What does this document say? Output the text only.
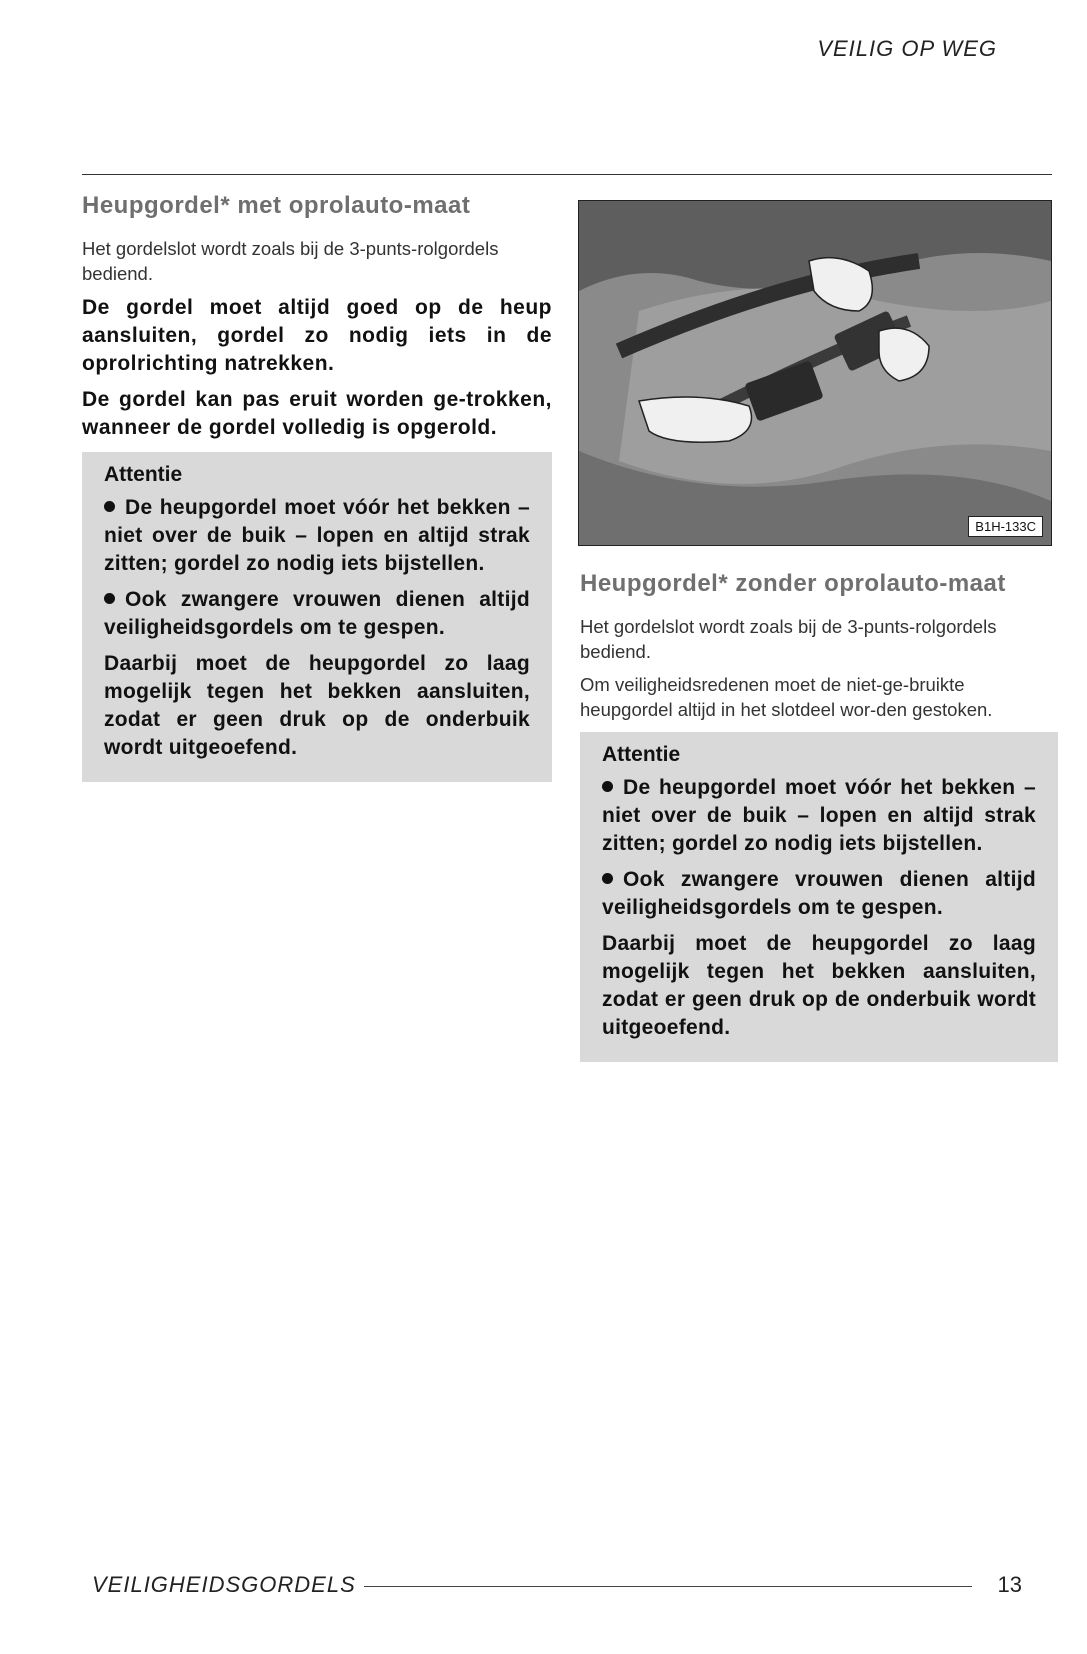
VEILIG OP WEG
Heupgordel* met oprolauto-maat

Het gordelslot wordt zoals bij de 3-punts-rolgordels bediend.

De gordel moet altijd goed op de heup aansluiten, gordel zo nodig iets in de oprolrichting natrekken.

De gordel kan pas eruit worden ge-trokken, wanneer de gordel volledig is opgerold.

Attentie
De heupgordel moet vóór het bekken – niet over de buik – lopen en altijd strak zitten; gordel zo nodig iets bijstellen.
Ook zwangere vrouwen dienen altijd veiligheidsgordels om te gespen.
Daarbij moet de heupgordel zo laag mogelijk tegen het bekken aansluiten, zodat er geen druk op de onderbuik wordt uitgeoefend.
B1H-133C
Heupgordel* zonder oprolauto-maat

Het gordelslot wordt zoals bij de 3-punts-rolgordels bediend.

Om veiligheidsredenen moet de niet-ge-bruikte heupgordel altijd in het slotdeel wor-den gestoken.

Attentie
De heupgordel moet vóór het bekken – niet over de buik – lopen en altijd strak zitten; gordel zo nodig iets bijstellen.
Ook zwangere vrouwen dienen altijd veiligheidsgordels om te gespen.
Daarbij moet de heupgordel zo laag mogelijk tegen het bekken aansluiten, zodat er geen druk op de onderbuik wordt uitgeoefend.
VEILIGHEIDSGORDELS	13
